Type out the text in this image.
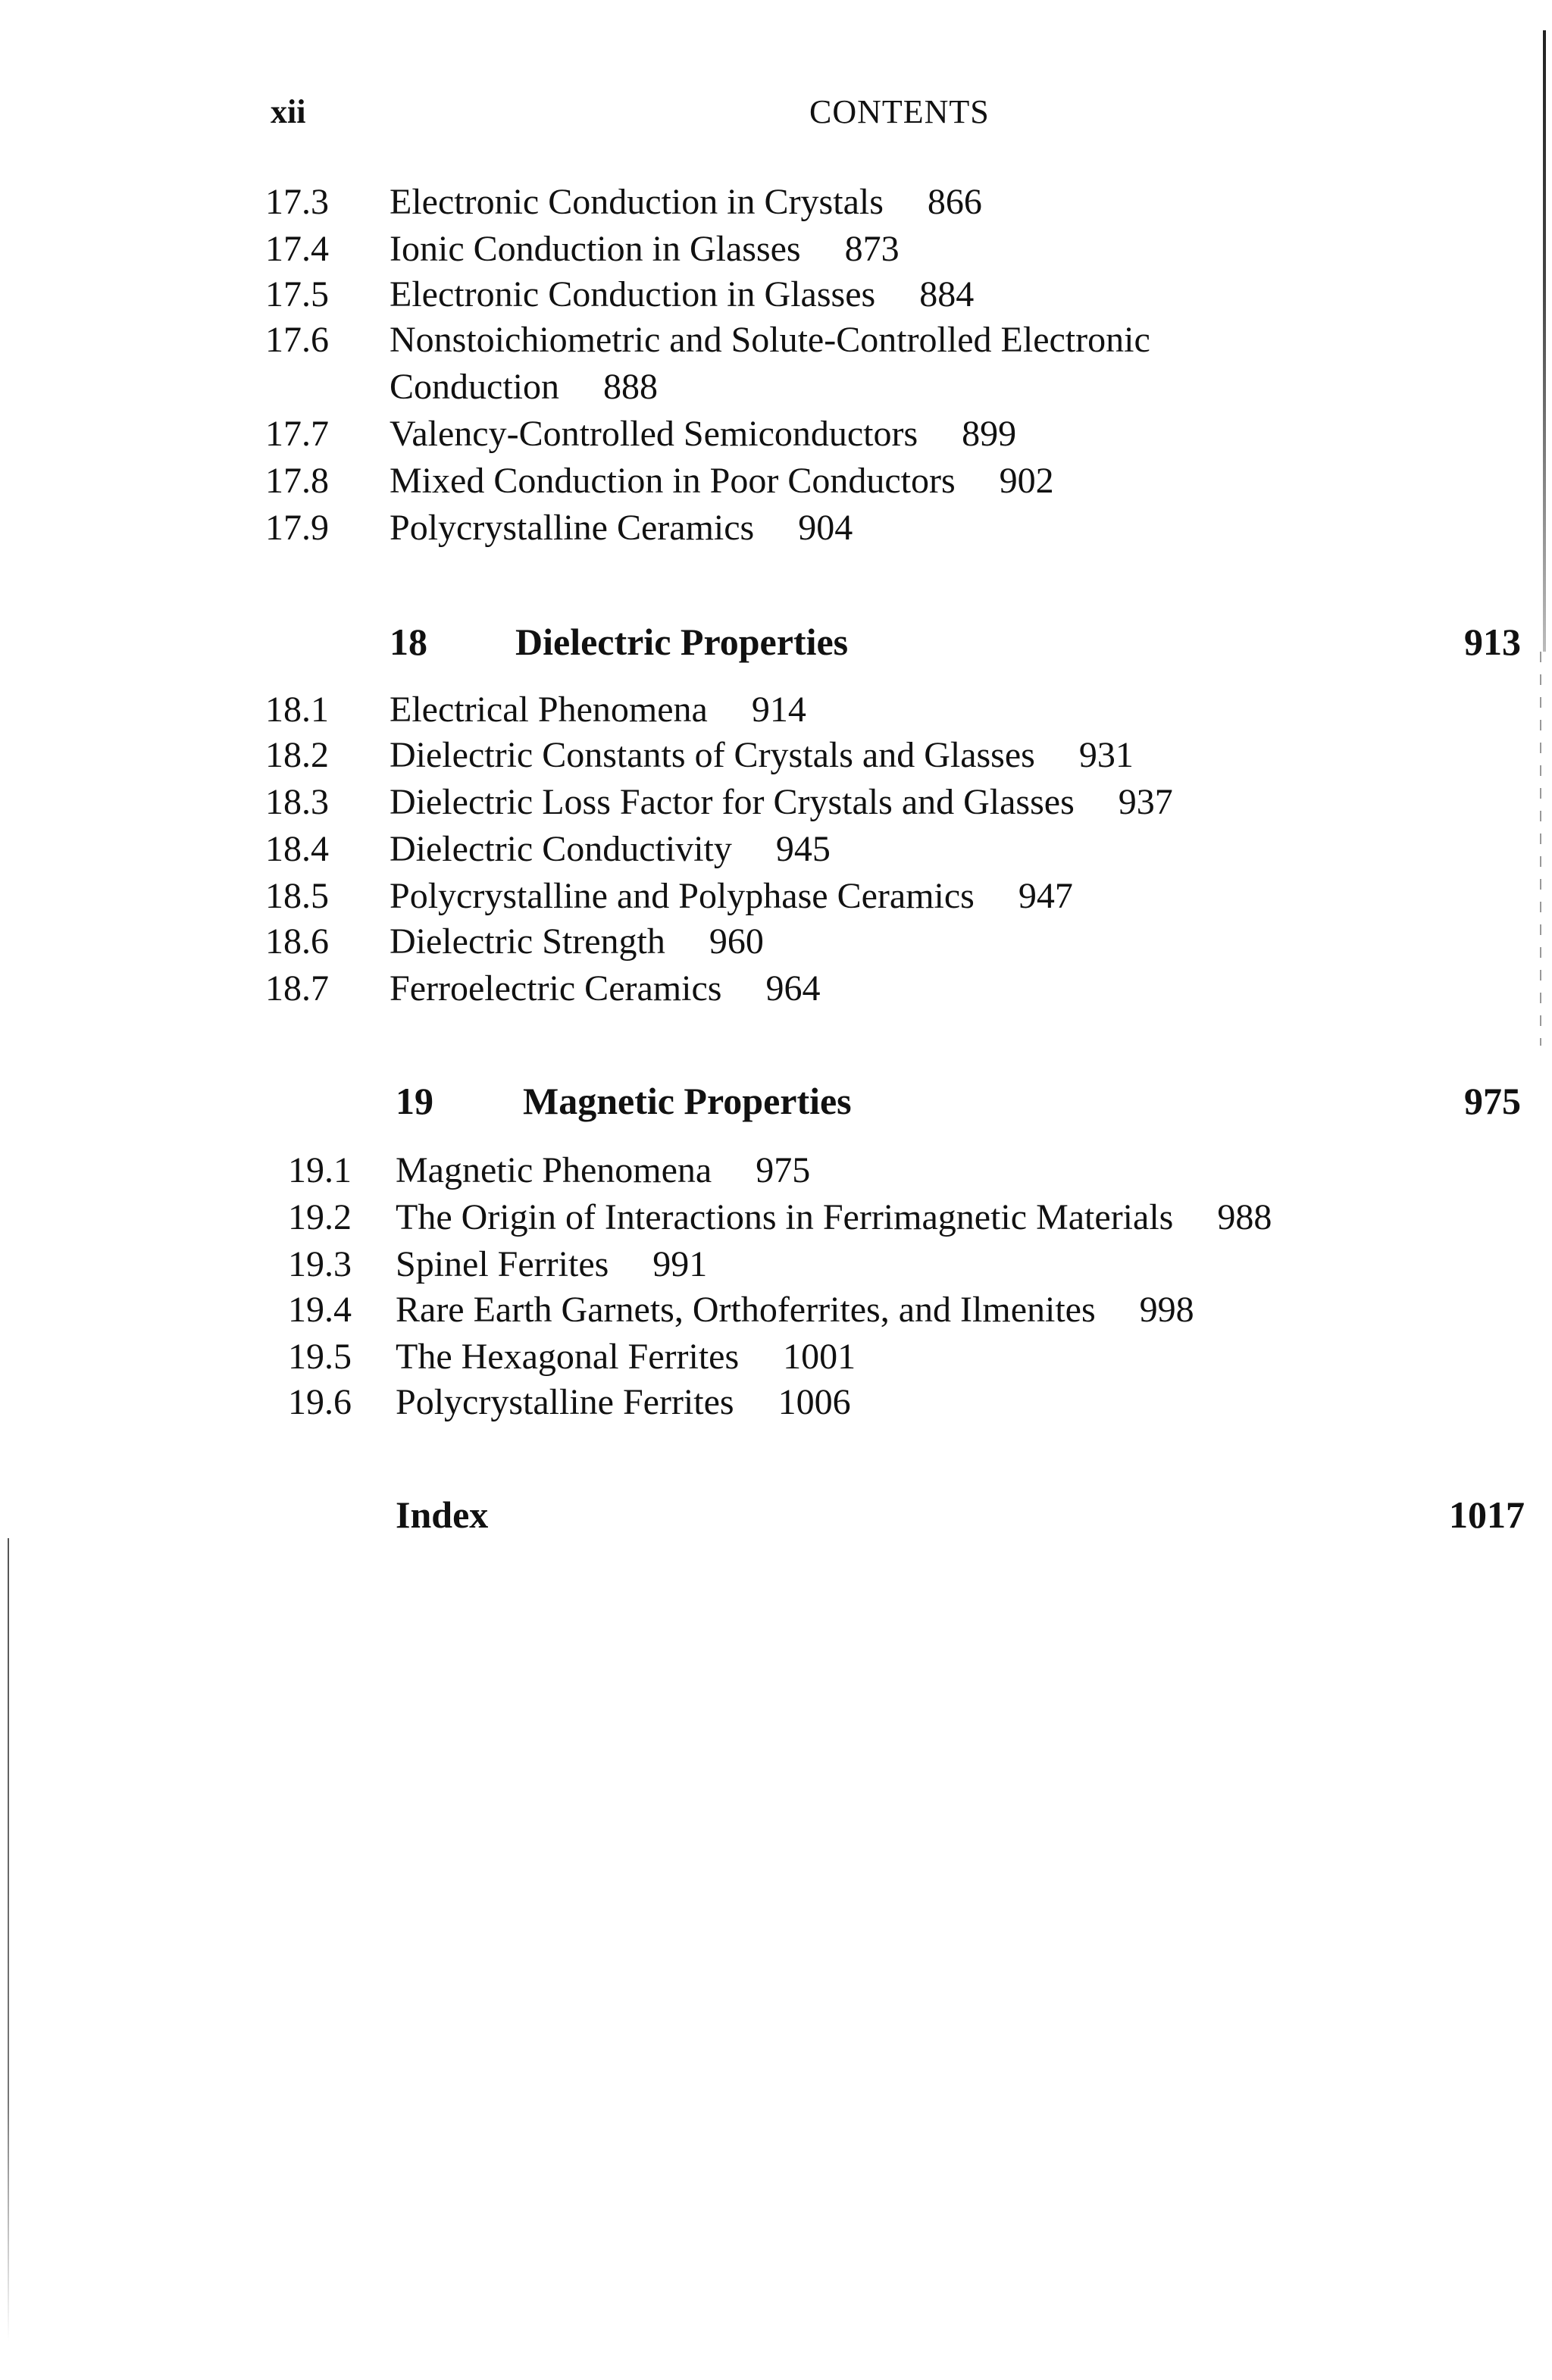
xii	CONTENTS
17.3 Electronic Conduction in Crystals 866
17.4 Ionic Conduction in Glasses 873
17.5 Electronic Conduction in Glasses 884
17.6 Nonstoichiometric and Solute-Controlled Electronic
Conduction 888
17.7 Valency-Controlled Semiconductors 899
17.8 Mixed Conduction in Poor Conductors 902
17.9 Polycrystalline Ceramics 904
18 Dielectric Properties	913
18.1 Electrical Phenomena 914
18.2 Dielectric Constants of Crystals and Glasses 931
18.3 Dielectric Loss Factor for Crystals and Glasses 937
18.4 Dielectric Conductivity 945
18.5 Polycrystalline and Polyphase Ceramics 947
18.6 Dielectric Strength 960
18.7 Ferroelectric Ceramics 964
19 Magnetic Properties	975
19.1 Magnetic Phenomena 975
19.2 The Origin of Interactions in Ferrimagnetic Materials 988
19.3 Spinel Ferrites 991
19.4 Rare Earth Garnets, Orthoferrites, and Ilmenites 998
19.5 The Hexagonal Ferrites 1001
19.6 Polycrystalline Ferrites 1006
Index	1017
